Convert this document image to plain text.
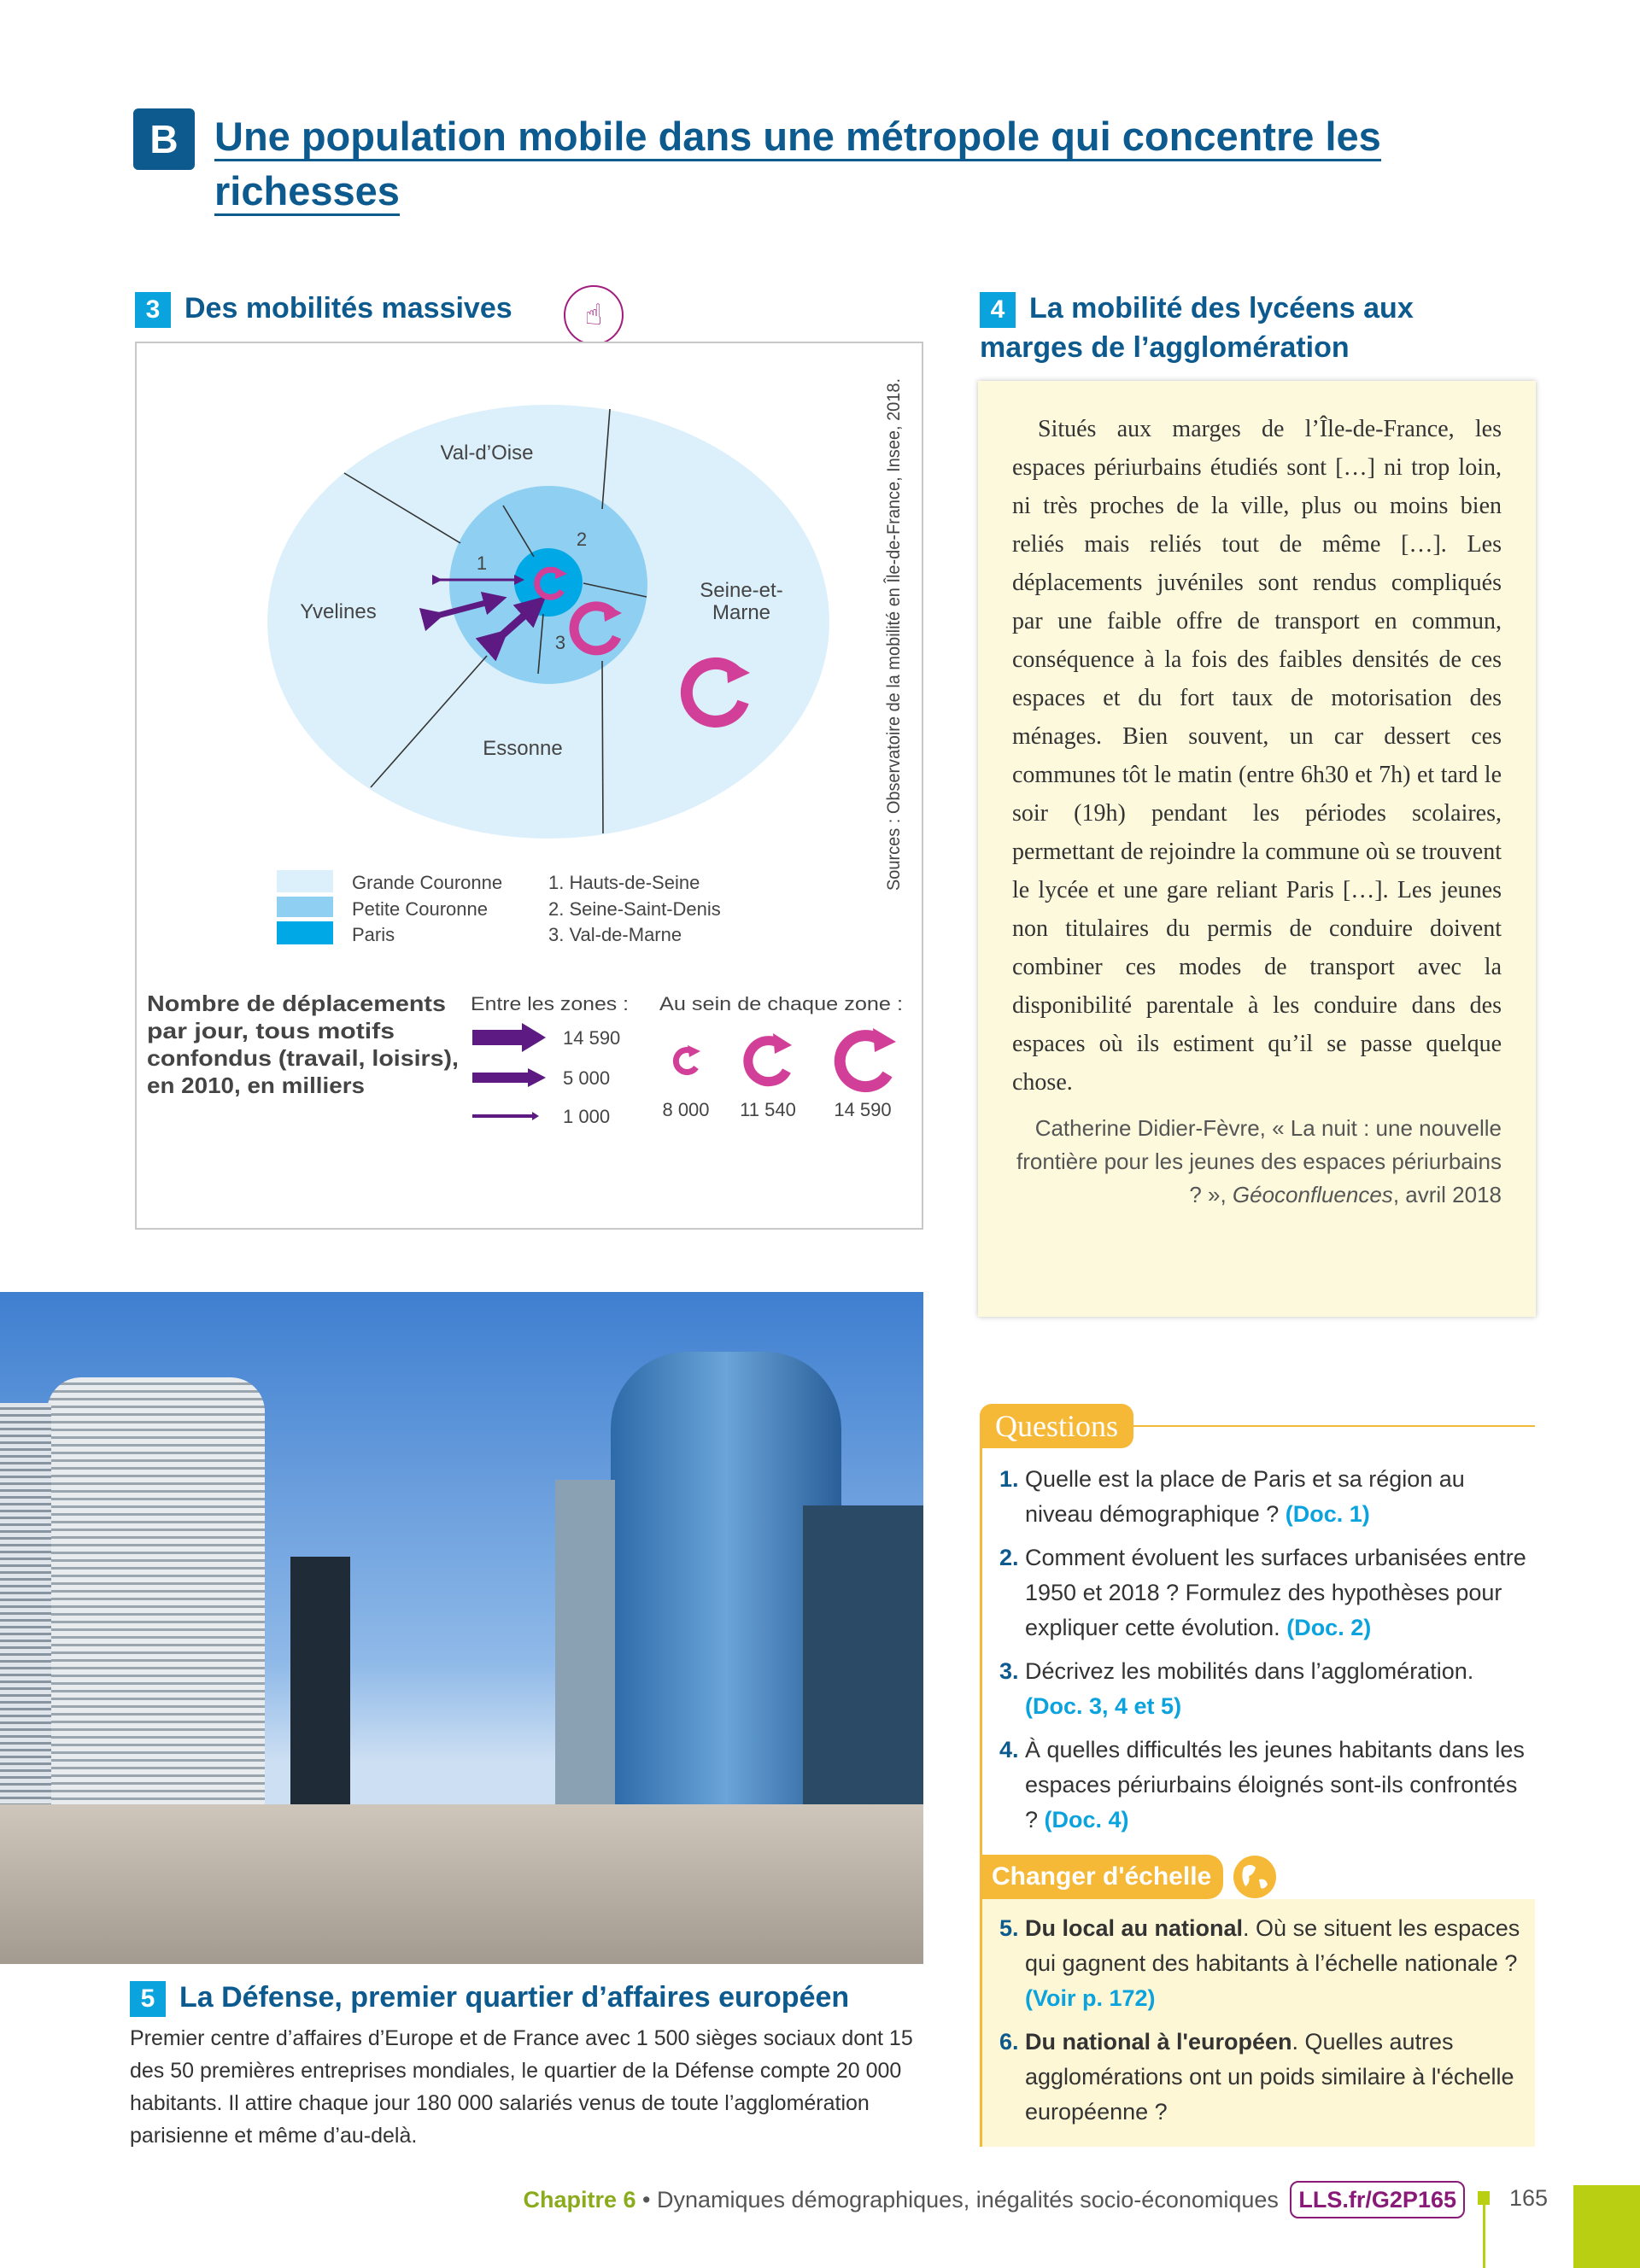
B Une population mobile dans une métropole qui concentre les richesses
3 Des mobilités massives	☝
Val-d’Oise
Yvelines
Seine-et-
Marne
Essonne
1
2
3	Sources : Observatoire de la mobilité en Île-de-France, Insee, 2018.
Grande Couronne
Petite Couronne
Paris
1. Hauts-de-Seine
2. Seine-Saint-Denis
3. Val-de-Marne
Nombre de déplacements
par jour, tous motifs
confondus (travail, loisirs),
en 2010, en milliers
Entre les zones :
14 590
5 000
1 000
Au sein de chaque zone :
8 000 11 540 14 590
4 La mobilité des lycéens aux
marges de l’agglomération

Situés aux marges de l’Île-de-France, les espaces périurbains étudiés sont […] ni trop loin, ni très proches de la ville, plus ou moins bien reliés mais reliés tout de même […]. Les déplacements juvéniles sont rendus compliqués par une faible offre de transport en commun, conséquence à la fois des faibles densités de ces espaces et du fort taux de motorisation des ménages. Bien souvent, un car dessert ces communes tôt le matin (entre 6h30 et 7h) et tard le soir (19h) pendant les périodes scolaires, permettant de rejoindre la commune où se trouvent le lycée et une gare reliant Paris […]. Les jeunes non titulaires du permis de conduire doivent combiner ces modes de transport avec la disponibilité parentale à les conduire dans des espaces où ils estiment qu’il se passe quelque chose.

Catherine Didier-Fèvre, « La nuit : une nouvelle frontière pour les jeunes des espaces périurbains ? », Géoconfluences, avril 2018
5 La Défense, premier quartier d’affaires européen
Premier centre d’affaires d’Europe et de France avec 1 500 sièges sociaux dont 15 des 50 premières entreprises mondiales, le quartier de la Défense compte 20 000 habitants. Il attire chaque jour 180 000 salariés venus de toute l’agglomération parisienne et même d’au-delà.
Questions
1. Quelle est la place de Paris et sa région au niveau démographique ? (Doc. 1)
2. Comment évoluent les surfaces urbanisées entre 1950 et 2018 ? Formulez des hypothèses pour expliquer cette évolution. (Doc. 2)
3. Décrivez les mobilités dans l’agglomération. (Doc. 3, 4 et 5)
4. À quelles difficultés les jeunes habitants dans les espaces périurbains éloignés sont-ils confrontés ? (Doc. 4)
Changer d'échelle
5. Du local au national. Où se situent les espaces qui gagnent des habitants à l’échelle nationale ? (Voir p. 172)
6. Du national à l'européen. Quelles autres agglomérations ont un poids similaire à l'échelle européenne ?
Chapitre 6 • Dynamiques démographiques, inégalités socio-économiques LLS.fr/G2P165	165
